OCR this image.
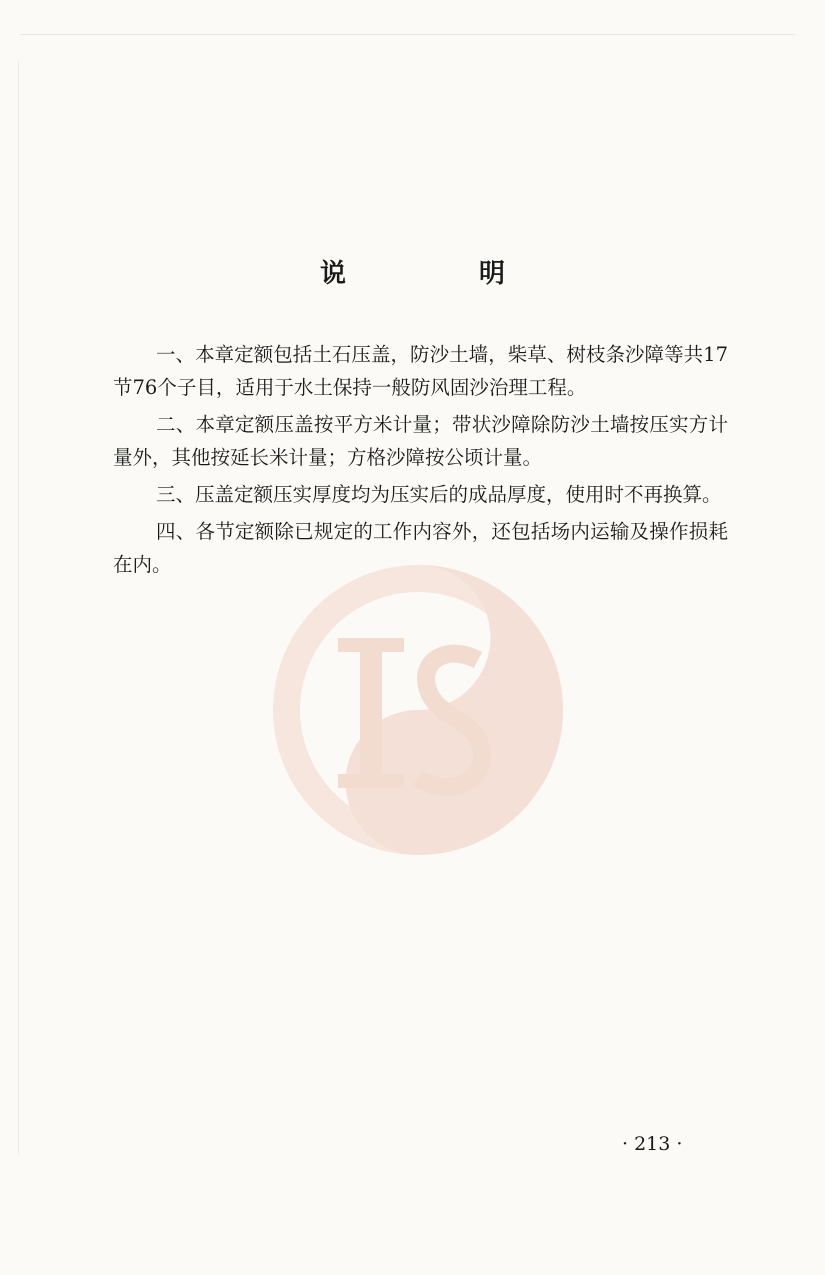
说 明

一、本章定额包括土石压盖，防沙土墙，柴草、树枝条沙障等共17节76个子目，适用于水土保持一般防风固沙治理工程。

二、本章定额压盖按平方米计量；带状沙障除防沙土墙按压实方计量外，其他按延长米计量；方格沙障按公顷计量。

三、压盖定额压实厚度均为压实后的成品厚度，使用时不再换算。

四、各节定额除已规定的工作内容外，还包括场内运输及操作损耗在内。

· 213 ·
